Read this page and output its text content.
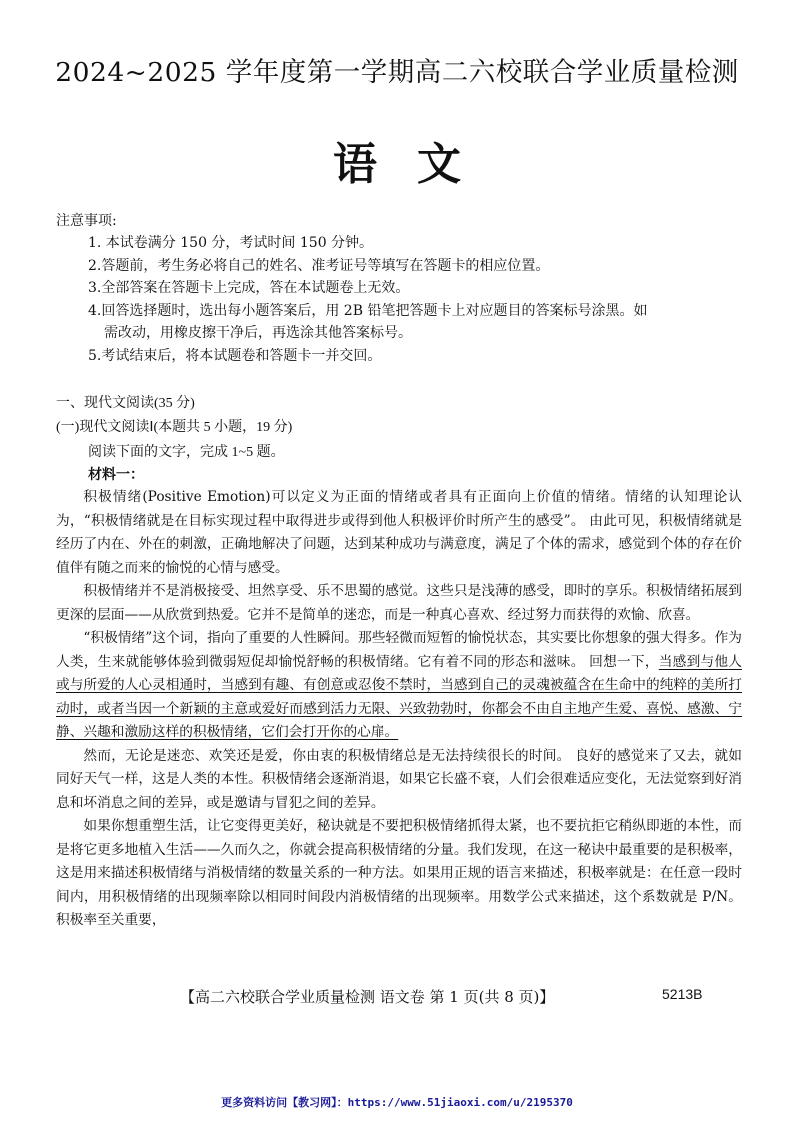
2024~2025 学年度第一学期高二六校联合学业质量检测
语文
注意事项:
1. 本试卷满分 150 分，考试时间 150 分钟。
2.答题前，考生务必将自己的姓名、准考证号等填写在答题卡的相应位置。
3.全部答案在答题卡上完成，答在本试题卷上无效。
4.回答选择题时，选出每小题答案后，用 2B 铅笔把答题卡上对应题目的答案标号涂黑。如
需改动，用橡皮擦干净后，再选涂其他答案标号。
5.考试结束后，将本试题卷和答题卡一并交回。
一、现代文阅读(35 分)
(一)现代文阅读Ⅰ(本题共 5 小题，19 分)
阅读下面的文字，完成 1~5 题。
材料一：

积极情绪(Positive Emotion)可以定义为正面的情绪或者具有正面向上价值的情绪。情绪的认知理论认为，“积极情绪就是在目标实现过程中取得进步或得到他人积极评价时所产生的感受”。 由此可见，积极情绪就是经历了内在、外在的刺激，正确地解决了问题，达到某种成功与满意度，满足了个体的需求，感觉到个体的存在价值伴有随之而来的愉悦的心情与感受。

积极情绪并不是消极接受、坦然享受、乐不思蜀的感觉。这些只是浅薄的感受，即时的享乐。积极情绪拓展到更深的层面——从欣赏到热爱。它并不是简单的迷恋，而是一种真心喜欢、经过努力而获得的欢愉、欣喜。

“积极情绪”这个词，指向了重要的人性瞬间。那些轻微而短暂的愉悦状态，其实要比你想象的强大得多。作为人类，生来就能够体验到微弱短促却愉悦舒畅的积极情绪。它有着不同的形态和滋味。 回想一下，当感到与他人或与所爱的人心灵相通时，当感到有趣、有创意或忍俊不禁时，当感到自己的灵魂被蕴含在生命中的纯粹的美所打动时，或者当因一个新颖的主意或爱好而感到活力无限、兴致勃勃时，你都会不由自主地产生爱、喜悦、感激、宁静、兴趣和激励这样的积极情绪，它们会打开你的心扉。

然而，无论是迷恋、欢笑还是爱，你由衷的积极情绪总是无法持续很长的时间。 良好的感觉来了又去，就如同好天气一样，这是人类的本性。积极情绪会逐渐消退，如果它长盛不衰，人们会很难适应变化，无法觉察到好消息和坏消息之间的差异，或是邀请与冒犯之间的差异。

如果你想重塑生活，让它变得更美好，秘诀就是不要把积极情绪抓得太紧，也不要抗拒它稍纵即逝的本性，而是将它更多地植入生活——久而久之，你就会提高积极情绪的分量。我们发现，在这一秘诀中最重要的是积极率，这是用来描述积极情绪与消极情绪的数量关系的一种方法。如果用正规的语言来描述，积极率就是：在任意一段时间内，用积极情绪的出现频率除以相同时间段内消极情绪的出现频率。用数学公式来描述，这个系数就是 P/N。积极率至关重要，

【高二六校联合学业质量检测 语文卷 第 1 页(共 8 页)】	5213B
更多资料访问【教习网】：https://www.51jiaoxi.com/u/2195370
